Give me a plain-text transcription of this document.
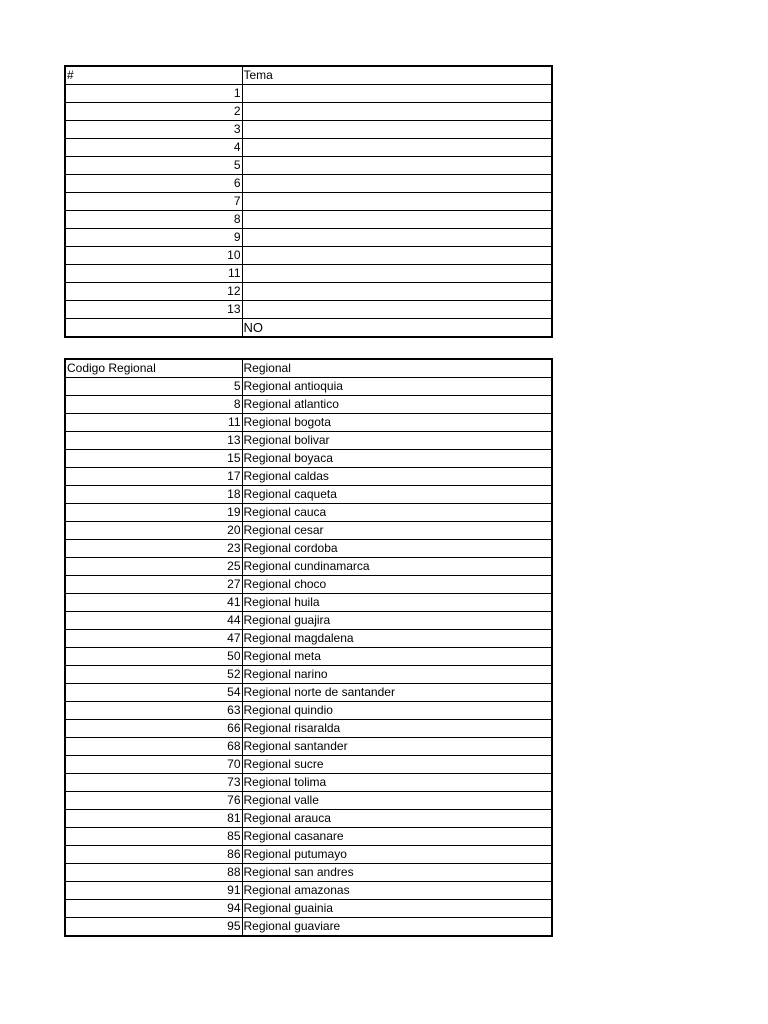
#	Tema
1	
2	
3	
4	
5	
6	
7	
8	
9	
10	
11	
12	
13	
	NO
Codigo Regional	Regional
5	Regional antioquia
8	Regional atlantico
11	Regional bogota
13	Regional bolivar
15	Regional boyaca
17	Regional caldas
18	Regional caqueta
19	Regional cauca
20	Regional cesar
23	Regional cordoba
25	Regional cundinamarca
27	Regional choco
41	Regional huila
44	Regional guajira
47	Regional magdalena
50	Regional meta
52	Regional narino
54	Regional norte de santander
63	Regional quindio
66	Regional risaralda
68	Regional santander
70	Regional sucre
73	Regional tolima
76	Regional valle
81	Regional arauca
85	Regional casanare
86	Regional putumayo
88	Regional san andres
91	Regional amazonas
94	Regional guainia
95	Regional guaviare
